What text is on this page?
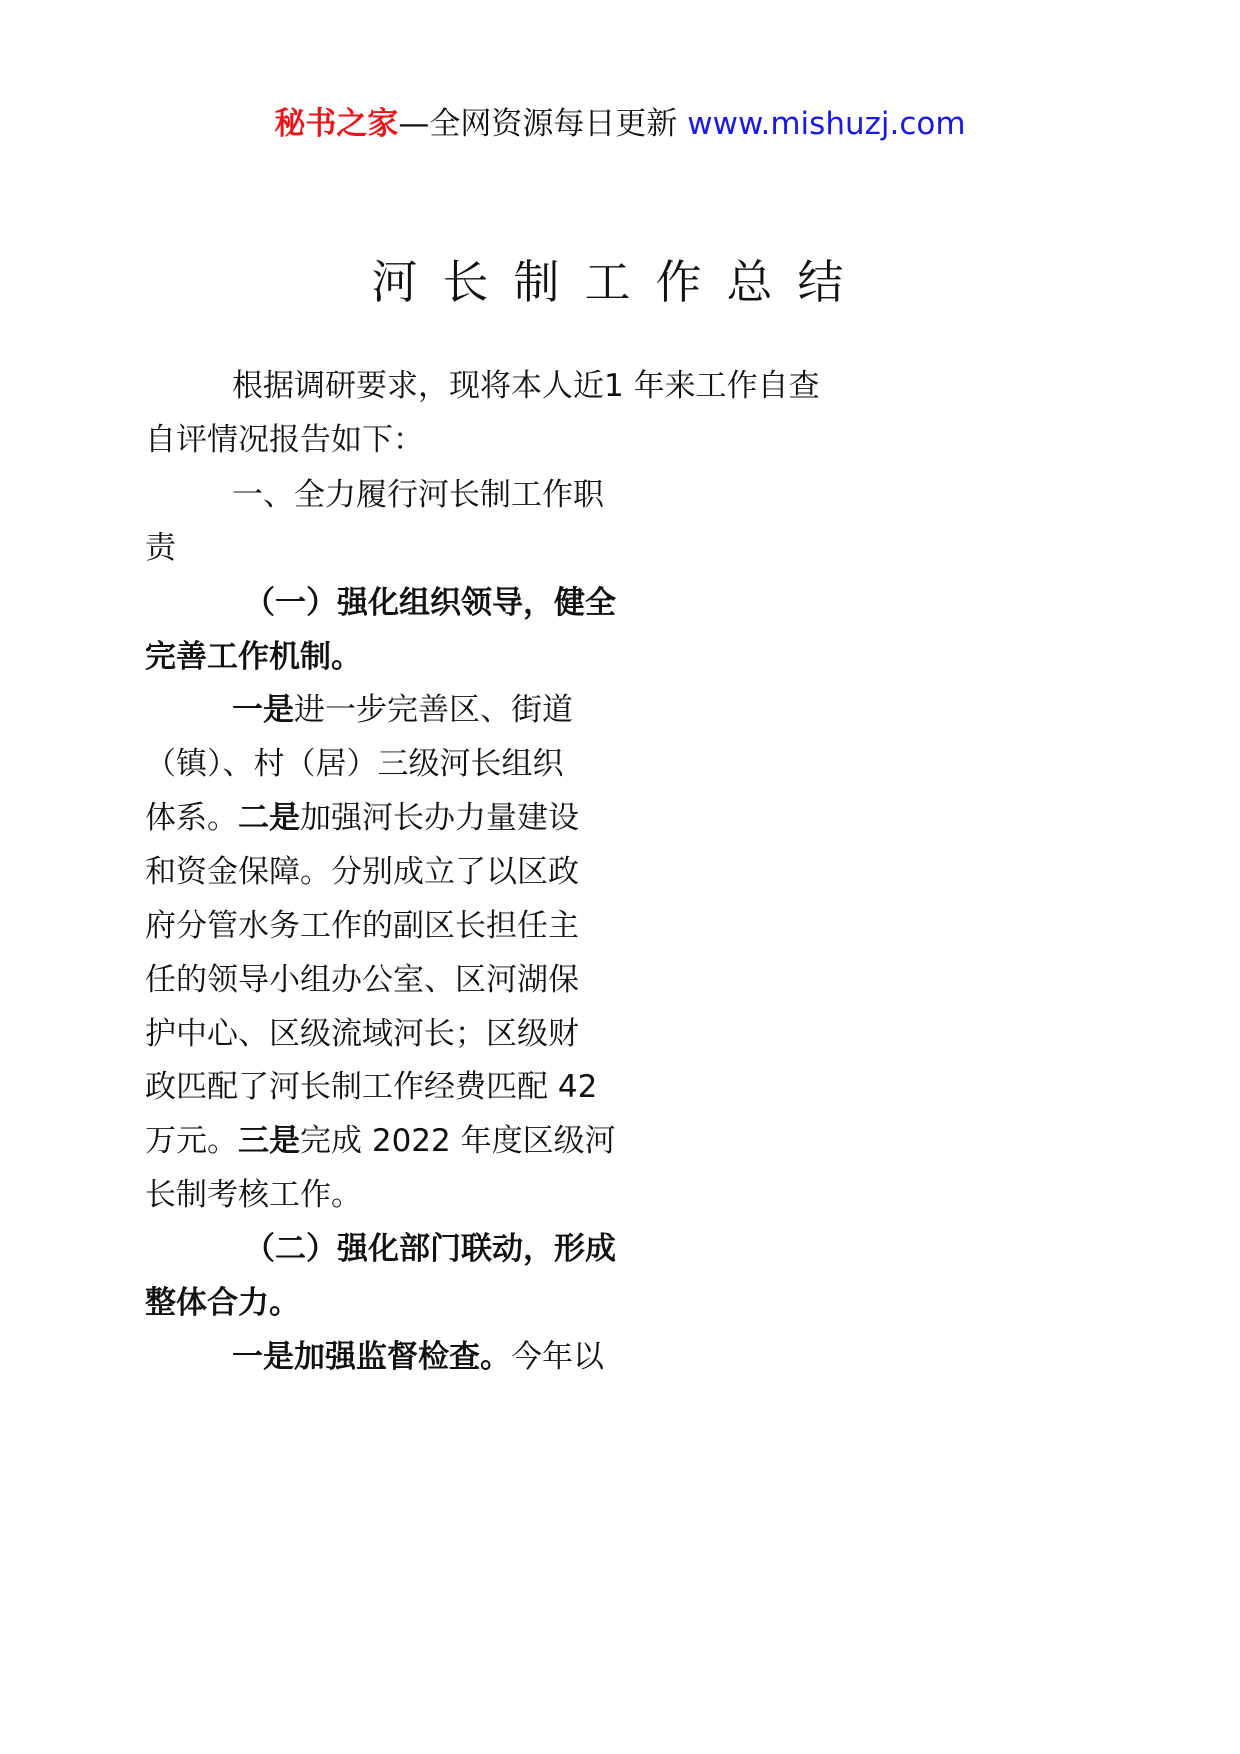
秘书之家—全网资源每日更新 www.mishuzj.com
河长制工作总结
根据调研要求，现将本人近1 年来工作自查
自评情况报告如下：
一、全力履行河长制工作职
责
（一）强化组织领导，健全
完善工作机制。
一是进一步完善区、街道
（镇）、村（居）三级河长组织
体系。二是加强河长办力量建设
和资金保障。分别成立了以区政
府分管水务工作的副区长担任主
任的领导小组办公室、区河湖保
护中心、区级流域河长；区级财
政匹配了河长制工作经费匹配 42
万元。三是完成 2022 年度区级河
长制考核工作。
（二）强化部门联动，形成
整体合力。
一是加强监督检查。今年以
